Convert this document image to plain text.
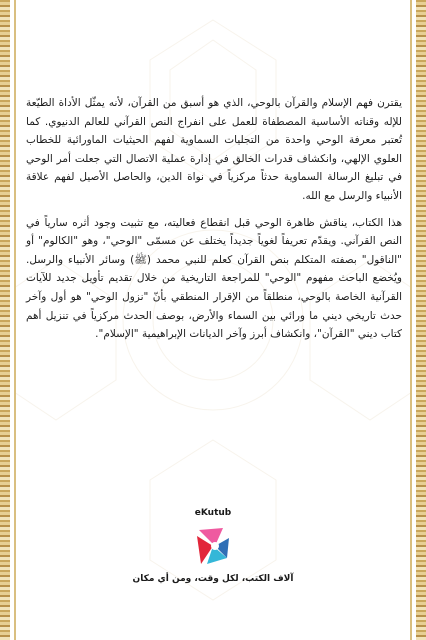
يقترن فهم الإسلام والقرآن بالوحي، الذي هو أسبق من القرآن، لأنه يمثّل الأداة الطيّعة للإله وقناته الأساسية المصطفاة للعمل على انفراج النص القرآني للعالم الدنيوي. كما تُعتبر معرفة الوحي واحدة من التجليات السماوية لفهم الحيثيات الماورائية للخطاب العلوي الإلهي، وانكشاف قدرات الخالق في إدارة عملية الاتصال التي جعلت أمر الوحي في تبليغ الرسالة السماوية حدثاً مركزياً في نواة الدين، والحاصل الأصيل لفهم علاقة الأنبياء والرسل مع الله.

هذا الكتاب، يناقش ظاهرة الوحي قبل انقطاع فعاليته، مع تثبيت وجود أثره سارياً في النص القرآني. ويقدّم تعريفاً لغوياً جديداً يختلف عن مسمّى "الوحي"، وهو "الكالوم" أو "الناقول" بصفته المتكلم بنص القرآن كعلم للنبي محمد (ﷺ) وسائر الأنبياء والرسل. ويُخضع الباحث مفهوم "الوحي" للمراجعة التاريخية من خلال تقديم تأويل جديد للآيات القرآنية الخاصة بالوحي، منطلقاً من الإقرار المنطقي بأنّ "نزول الوحي" هو أول وآخر حدث تاريخي ديني ما ورائي بين السماء والأرض، بوصف الحدث مركزياً في تنزيل أهم كتاب ديني "القرآن"، وانكشاف أبرز وآخر الديانات الإبراهيمية "الإسلام".

eKutub
آلاف الكتب، لكل وقت، ومن أي مكان
